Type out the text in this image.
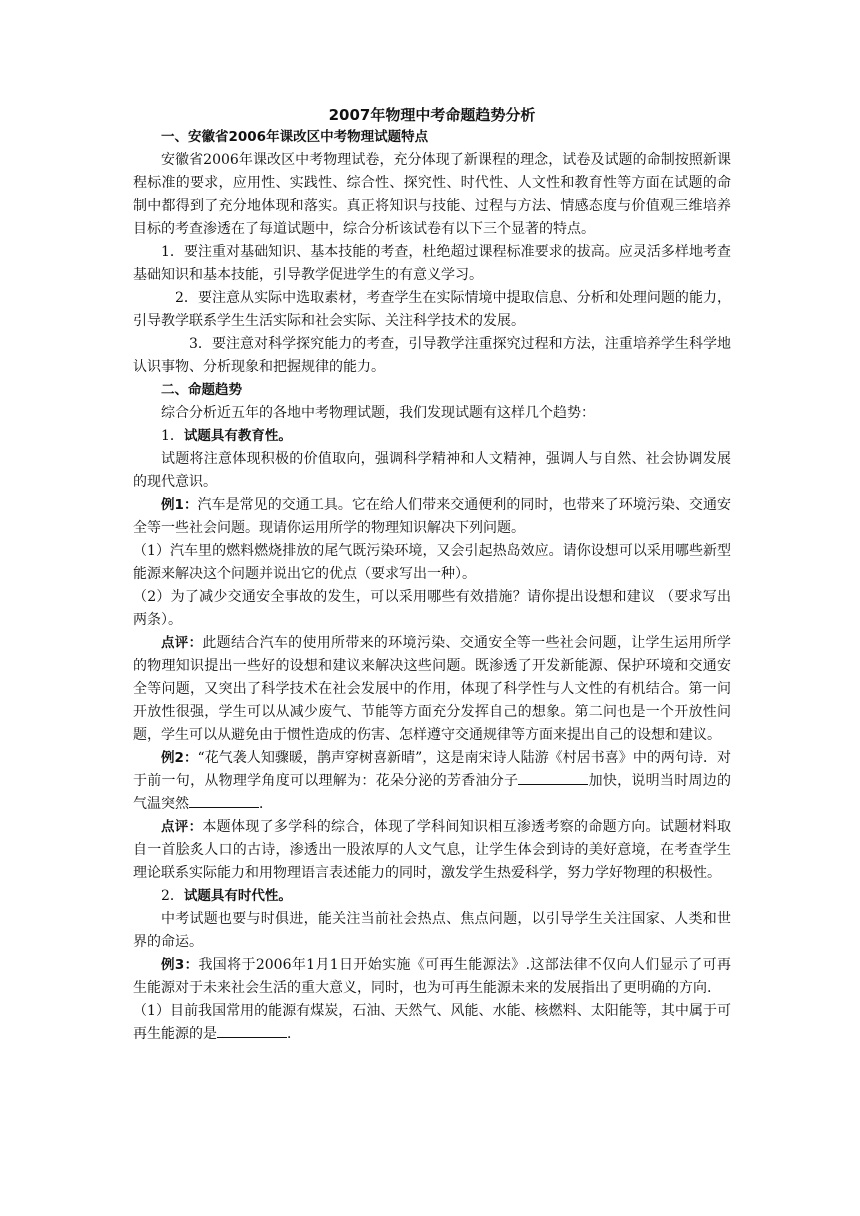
2007年物理中考命题趋势分析

一、安徽省2006年课改区中考物理试题特点

安徽省2006年课改区中考物理试卷，充分体现了新课程的理念，试卷及试题的命制按照新课程标准的要求，应用性、实践性、综合性、探究性、时代性、人文性和教育性等方面在试题的命制中都得到了充分地体现和落实。真正将知识与技能、过程与方法、情感态度与价值观三维培养目标的考查渗透在了每道试题中，综合分析该试卷有以下三个显著的特点。

1．要注重对基础知识、基本技能的考查，杜绝超过课程标准要求的拔高。应灵活多样地考查基础知识和基本技能，引导教学促进学生的有意义学习。

2．要注意从实际中选取素材，考查学生在实际情境中提取信息、分析和处理问题的能力，引导教学联系学生生活实际和社会实际、关注科学技术的发展。

3．要注意对科学探究能力的考查，引导教学注重探究过程和方法，注重培养学生科学地认识事物、分析现象和把握规律的能力。

二、命题趋势

综合分析近五年的各地中考物理试题，我们发现试题有这样几个趋势：

1．试题具有教育性。

试题将注意体现积极的价值取向，强调科学精神和人文精神，强调人与自然、社会协调发展的现代意识。

例1：汽车是常见的交通工具。它在给人们带来交通便利的同时，也带来了环境污染、交通安全等一些社会问题。现请你运用所学的物理知识解决下列问题。

（1）汽车里的燃料燃烧排放的尾气既污染环境，又会引起热岛效应。请你设想可以采用哪些新型能源来解决这个问题并说出它的优点（要求写出一种）。

（2）为了减少交通安全事故的发生，可以采用哪些有效措施？请你提出设想和建议 （要求写出两条）。

点评：此题结合汽车的使用所带来的环境污染、交通安全等一些社会问题，让学生运用所学的物理知识提出一些好的设想和建议来解决这些问题。既渗透了开发新能源、保护环境和交通安全等问题，又突出了科学技术在社会发展中的作用，体现了科学性与人文性的有机结合。第一问开放性很强，学生可以从减少废气、节能等方面充分发挥自己的想象。第二问也是一个开放性问题，学生可以从避免由于惯性造成的伤害、怎样遵守交通规律等方面来提出自己的设想和建议。

例2：“花气袭人知骤暖，鹊声穿树喜新晴”，这是南宋诗人陆游《村居书喜》中的两句诗．对于前一句，从物理学角度可以理解为：花朵分泌的芳香油分子	加快，说明当时周边的气温突然	．

点评：本题体现了多学科的综合，体现了学科间知识相互渗透考察的命题方向。试题材料取自一首脍炙人口的古诗，渗透出一股浓厚的人文气息，让学生体会到诗的美好意境，在考查学生理论联系实际能力和用物理语言表述能力的同时，激发学生热爱科学，努力学好物理的积极性。

2．试题具有时代性。

中考试题也要与时俱进，能关注当前社会热点、焦点问题，以引导学生关注国家、人类和世界的命运。

例3：我国将于2006年1月1日开始实施《可再生能源法》.这部法律不仅向人们显示了可再生能源对于未来社会生活的重大意义，同时，也为可再生能源未来的发展指出了更明确的方向.

（1）目前我国常用的能源有煤炭，石油、天然气、风能、水能、核燃料、太阳能等，其中属于可再生能源的是	．
